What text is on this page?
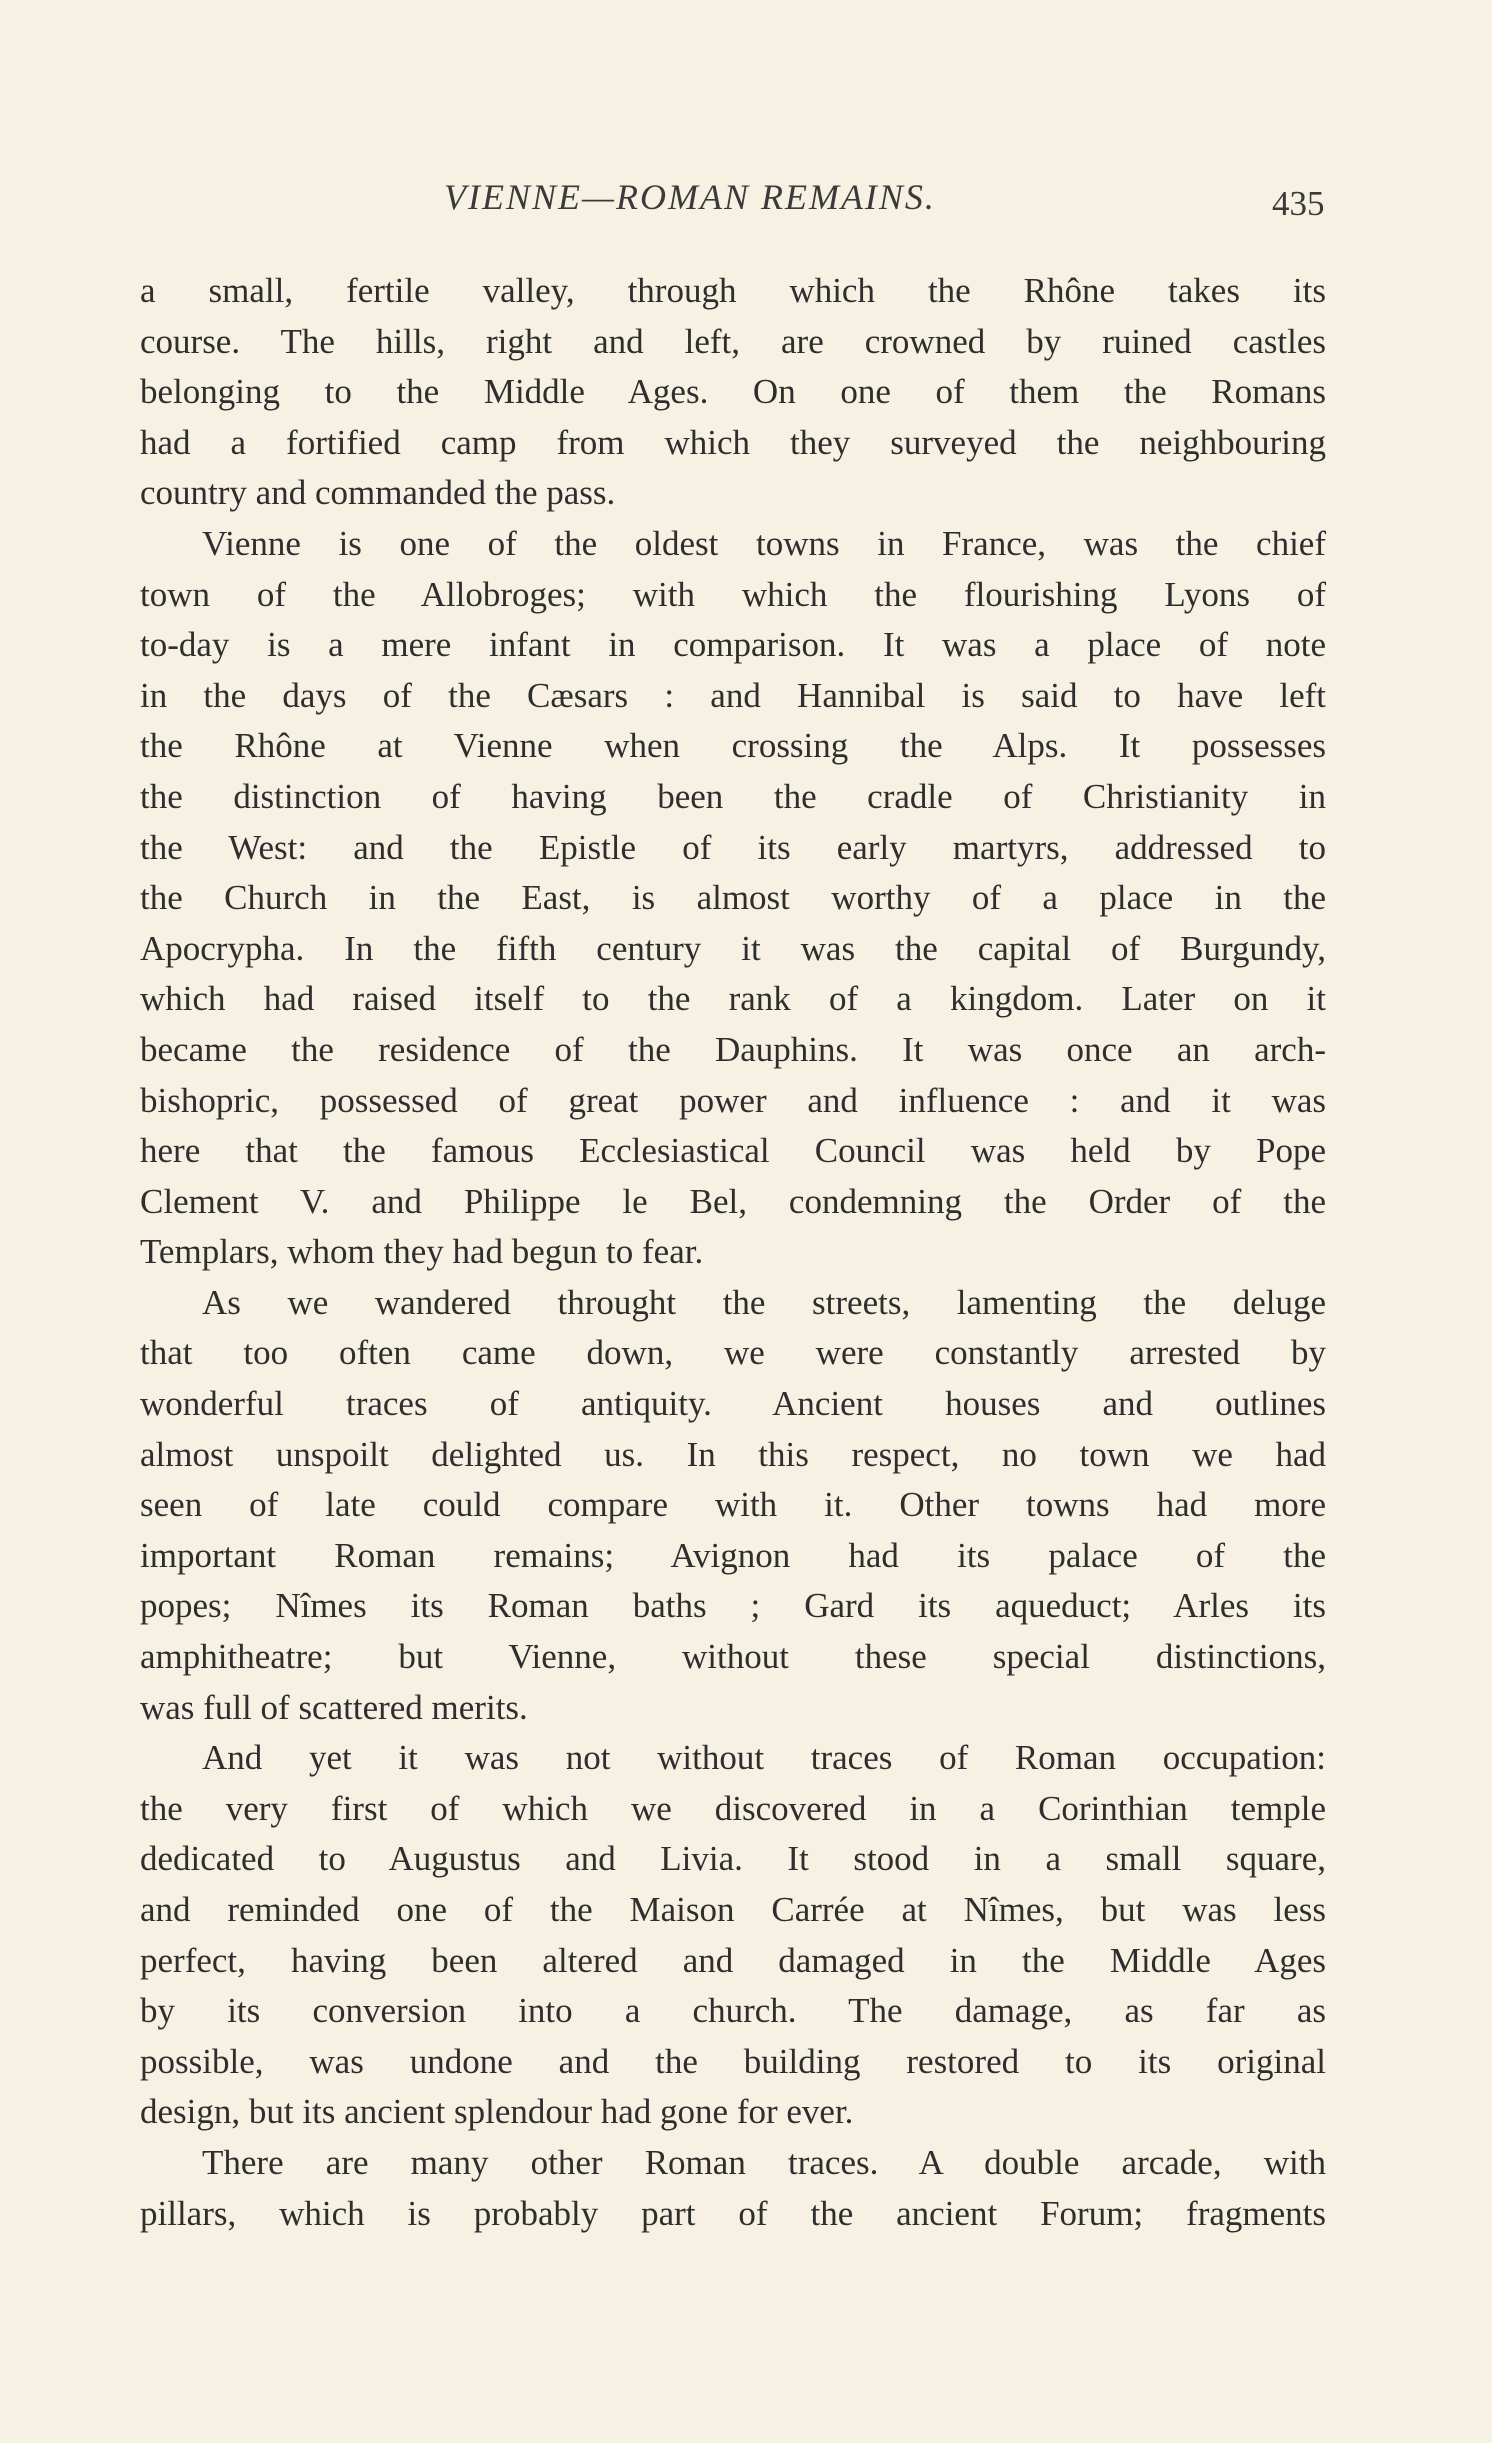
VIENNE—ROMAN REMAINS.	435
a small, fertile valley, through which the Rhône takes its
course. The hills, right and left, are crowned by ruined castles
belonging to the Middle Ages. On one of them the Romans
had a fortified camp from which they surveyed the neighbouring
country and commanded the pass.
Vienne is one of the oldest towns in France, was the chief
town of the Allobroges; with which the flourishing Lyons of
to-day is a mere infant in comparison. It was a place of note
in the days of the Cæsars : and Hannibal is said to have left
the Rhône at Vienne when crossing the Alps. It possesses
the distinction of having been the cradle of Christianity in
the West: and the Epistle of its early martyrs, addressed to
the Church in the East, is almost worthy of a place in the
Apocrypha. In the fifth century it was the capital of Burgundy,
which had raised itself to the rank of a kingdom. Later on it
became the residence of the Dauphins. It was once an arch-
bishopric, possessed of great power and influence : and it was
here that the famous Ecclesiastical Council was held by Pope
Clement V. and Philippe le Bel, condemning the Order of the
Templars, whom they had begun to fear.
As we wandered throught the streets, lamenting the deluge
that too often came down, we were constantly arrested by
wonderful traces of antiquity. Ancient houses and outlines
almost unspoilt delighted us. In this respect, no town we had
seen of late could compare with it. Other towns had more
important Roman remains; Avignon had its palace of the
popes; Nîmes its Roman baths ; Gard its aqueduct; Arles its
amphitheatre; but Vienne, without these special distinctions,
was full of scattered merits.
And yet it was not without traces of Roman occupation:
the very first of which we discovered in a Corinthian temple
dedicated to Augustus and Livia. It stood in a small square,
and reminded one of the Maison Carrée at Nîmes, but was less
perfect, having been altered and damaged in the Middle Ages
by its conversion into a church. The damage, as far as
possible, was undone and the building restored to its original
design, but its ancient splendour had gone for ever.
There are many other Roman traces. A double arcade, with
pillars, which is probably part of the ancient Forum; fragments
